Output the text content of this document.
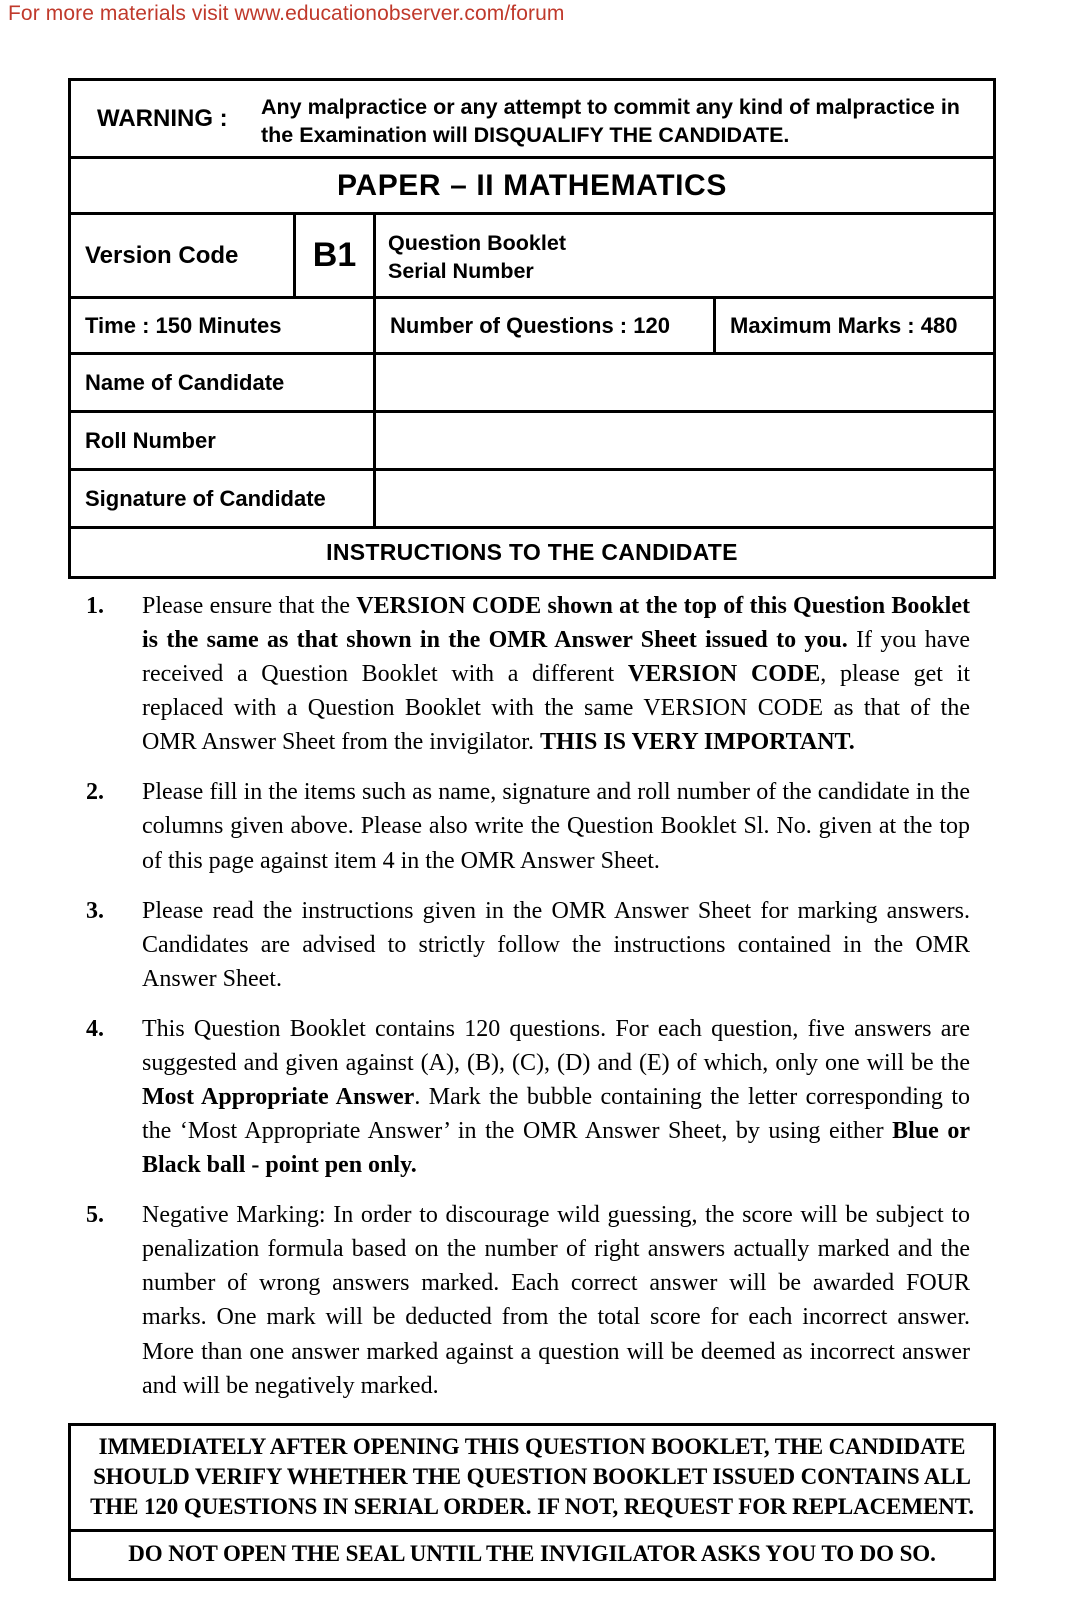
For more materials visit www.educationobserver.com/forum
WARNING :	Any malpractice or any attempt to commit any kind of malpractice in the Examination will DISQUALIFY THE CANDIDATE.
PAPER – II MATHEMATICS
Version Code	B1	Question Booklet
Serial Number
Time : 150 Minutes	Number of Questions : 120	Maximum Marks : 480
Name of Candidate
Roll Number
Signature of Candidate
INSTRUCTIONS TO THE CANDIDATE
1.	Please ensure that the VERSION CODE shown at the top of this Question Booklet is the same as that shown in the OMR Answer Sheet issued to you. If you have received a Question Booklet with a different VERSION CODE, please get it replaced with a Question Booklet with the same VERSION CODE as that of the OMR Answer Sheet from the invigilator. THIS IS VERY IMPORTANT.
2.	Please fill in the items such as name, signature and roll number of the candidate in the columns given above. Please also write the Question Booklet Sl. No. given at the top of this page against item 4 in the OMR Answer Sheet.
3.	Please read the instructions given in the OMR Answer Sheet for marking answers. Candidates are advised to strictly follow the instructions contained in the OMR Answer Sheet.
4.	This Question Booklet contains 120 questions. For each question, five answers are suggested and given against (A), (B), (C), (D) and (E) of which, only one will be the Most Appropriate Answer. Mark the bubble containing the letter corresponding to the ‘Most Appropriate Answer’ in the OMR Answer Sheet, by using either Blue or Black ball - point pen only.
5.	Negative Marking: In order to discourage wild guessing, the score will be subject to penalization formula based on the number of right answers actually marked and the number of wrong answers marked. Each correct answer will be awarded FOUR marks. One mark will be deducted from the total score for each incorrect answer. More than one answer marked against a question will be deemed as incorrect answer and will be negatively marked.
IMMEDIATELY AFTER OPENING THIS QUESTION BOOKLET, THE CANDIDATE SHOULD VERIFY WHETHER THE QUESTION BOOKLET ISSUED CONTAINS ALL THE 120 QUESTIONS IN SERIAL ORDER. IF NOT, REQUEST FOR REPLACEMENT.
DO NOT OPEN THE SEAL UNTIL THE INVIGILATOR ASKS YOU TO DO SO.
